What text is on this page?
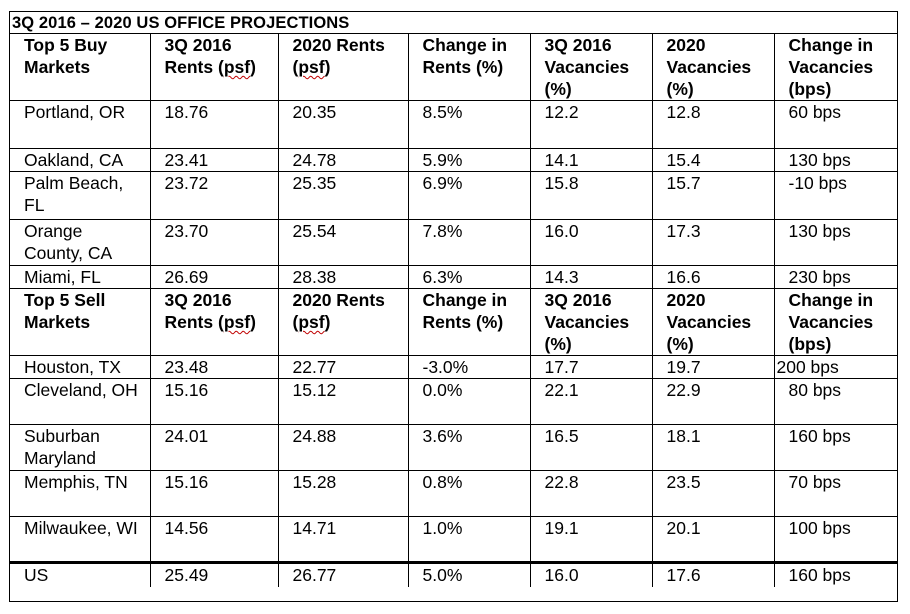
3Q 2016 – 2020 US OFFICE PROJECTIONS
Top 5 Buy Markets	3Q 2016 Rents (psf)	2020 Rents (psf)	Change in Rents (%)	3Q 2016 Vacancies (%)	2020 Vacancies (%)	Change in Vacancies (bps)
Portland, OR	18.76	20.35	8.5%	12.2	12.8	60 bps
Oakland, CA	23.41	24.78	5.9%	14.1	15.4	130 bps
Palm Beach, FL	23.72	25.35	6.9%	15.8	15.7	-10 bps
Orange County, CA	23.70	25.54	7.8%	16.0	17.3	130 bps
Miami, FL	26.69	28.38	6.3%	14.3	16.6	230 bps
Top 5 Sell Markets	3Q 2016 Rents (psf)	2020 Rents (psf)	Change in Rents (%)	3Q 2016 Vacancies (%)	2020 Vacancies (%)	Change in Vacancies (bps)
Houston, TX	23.48	22.77	-3.0%	17.7	19.7	200 bps
Cleveland, OH	15.16	15.12	0.0%	22.1	22.9	80 bps
Suburban Maryland	24.01	24.88	3.6%	16.5	18.1	160 bps
Memphis, TN	15.16	15.28	0.8%	22.8	23.5	70 bps
Milwaukee, WI	14.56	14.71	1.0%	19.1	20.1	100 bps
US	25.49	26.77	5.0%	16.0	17.6	160 bps
